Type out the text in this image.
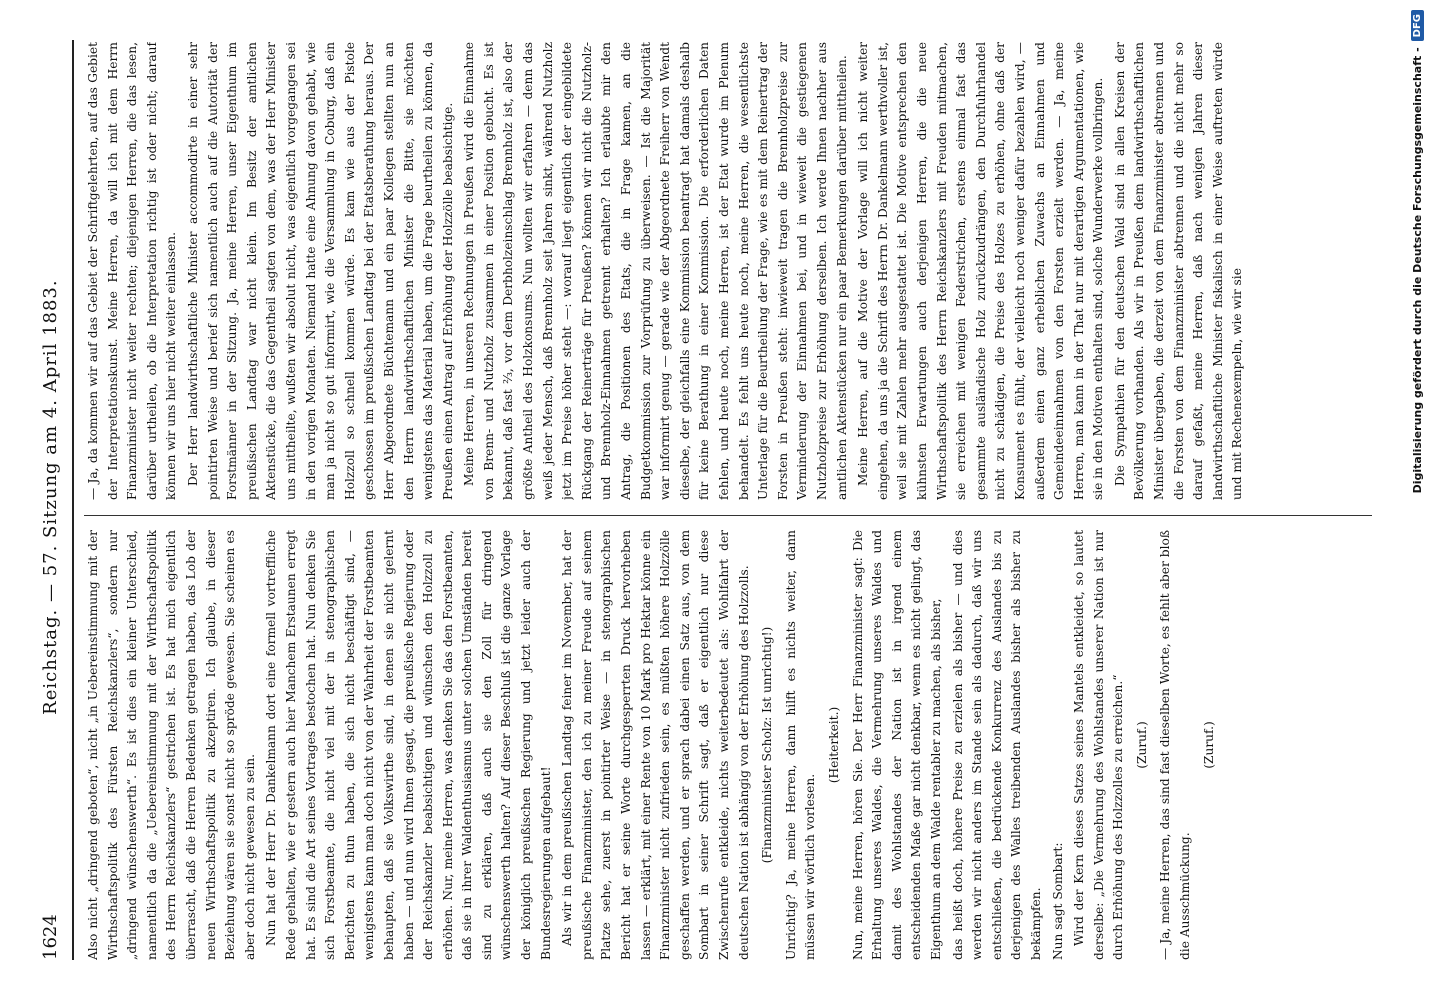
1624
Reichstag. — 57. Sitzung am 4. April 1883.

Also nicht „dringend geboten“, nicht „in Uebereinstimmung mit der Wirthschaftspolitik des Fürsten Reichskanzlers“, sondern nur „dringend wünschenswerth“. Es ist dies ein kleiner Unterschied, namentlich da die „Uebereinstimmung mit der Wirthschaftspolitik des Herrn Reichskanzlers“ gestrichen ist. Es hat mich eigentlich überrascht, daß die Herren Bedenken getragen haben, das Lob der neuen Wirthschaftspolitik zu akzeptiren. Ich glaube, in dieser Beziehung wären sie sonst nicht so spröde gewesen. Sie scheinen es aber doch nicht gewesen zu sein. Nun hat der Herr Dr. Dankelmann dort eine formell vortreffliche Rede gehalten, wie er gestern auch hier Manchem Erstaunen erregt hat. Es sind die Art seines Vortrages bestochen hat. Nun denken Sie sich Forstbeamte, die nicht viel mit der in stenographischen Berichten zu thun haben, die sich nicht beschäftigt sind, — wenigstens kann man doch nicht von der Wahrheit der Forstbeamten behaupten, daß sie Volkswirthe sind, in denen sie nicht gelernt haben — und nun wird Ihnen gesagt, die preußische Regierung oder der Reichskanzler beabsichtigen und wünschen den Holzzoll zu erhöhen. Nur, meine Herren, was denken Sie das den Forstbeamten, daß sie in ihrer Waldenthusiasmus unter solchen Umständen bereit sind zu erklären, daß auch sie den Zoll für dringend wünschenswerth halten? Auf dieser Beschluß ist die ganze Vorlage der königlich preußischen Regierung und jetzt leider auch der Bundesregierungen aufgebaut! Als wir in dem preußischen Landtag feiner im November, hat der preußische Finanzminister, den ich zu meiner Freude auf seinem Platze sehe, zuerst in pointirter Weise — in stenographischen Bericht hat er seine Worte durchgesperrten Druck hervorheben lassen — erklärt, mit einer Rente von 10 Mark pro Hektar könne ein Finanzminister nicht zufrieden sein, es müßten höhere Holzzölle geschaffen werden, und er sprach dabei einen Satz aus, von dem Sombart in seiner Schrift sagt, daß er eigentlich nur diese Zwischenrufe entkleide, nichts weiterbedeutet als: Wohlfahrt der deutschen Nation ist abhängig von der Erhöhung des Holzzolls. (Finanzminister Scholz: Ist unrichtig!) Unrichtig? Ja, meine Herren, dann hilft es nichts weiter, dann müssen wir wörtlich vorlesen.

(Heiterkeit.) Nun, meine Herren, hören Sie. Der Herr Finanzminister sagt: Die Erhaltung unseres Waldes, die Vermehrung unseres Waldes und damit des Wohlstandes der Nation ist in irgend einem entscheidenden Maße gar nicht denkbar, wenn es nicht gelingt, das Eigenthum an dem Walde rentabler zu machen, als bisher, das heißt doch, höhere Preise zu erzielen als bisher — und dies werden wir nicht anders im Stande sein als dadurch, daß wir uns entschließen, die bedrückende Konkurrenz des Auslandes bis zu derjenigen des Walles treibenden Auslandes bisher als bisher zu bekämpfen. Nun sagt Sombart: Wird der Kern dieses Satzes seines Mantels entkleidet, so lautet derselbe: „Die Vermehrung des Wohlstandes unserer Nation ist nur durch Erhöhung des Holzzolles zu erreichen.“ (Zuruf.) — Ja, meine Herren, das sind fast dieselben Worte, es fehlt aber bloß die Ausschmückung.

(Zuruf.)

— Ja, da kommen wir auf das Gebiet der Schriftgelehrten, auf das Gebiet der Interpretationskunst. Meine Herren, da will ich mit dem Herrn Finanzminister nicht weiter rechten; diejenigen Herren, die das lesen, darüber urtheilen, ob die Interpretation richtig ist oder nicht; darauf können wir uns hier nicht weiter einlassen. Der Herr landwirthschaftliche Minister accommodirte in einer sehr pointirten Weise und berief sich namentlich auch auf die Autorität der Forstmänner in der Sitzung. Ja, meine Herren, unser Eigenthum im preußischen Landtag war nicht klein. Im Besitz der amtlichen Aktenstücke, die das Gegentheil sagten von dem, was der Herr Minister uns mittheilte, wußten wir absolut nicht, was eigentlich vorgegangen sei in den vorigen Monaten. Niemand hatte eine Ahnung davon gehabt, wie man ja nicht so gut informirt, wie die Versammlung in Coburg, daß ein Holzzoll so schnell kommen würde. Es kam wie aus der Pistole geschossen im preußischen Landtag bei der Etatsberathung heraus. Der Herr Abgeordnete Büchtemann und ein paar Kollegen stellten nun an den Herrn landwirthschaftlichen Minister die Bitte, sie möchten wenigstens das Material haben, um die Frage beurtheilen zu können, da Preußen einen Antrag auf Erhöhung der Holzzölle beabsichtige. Meine Herren, in unseren Rechnungen in Preußen wird die Einnahme von Brenn- und Nutzholz zusammen in einer Position gebucht. Es ist bekannt, daß fast ⅔, vor dem Derbholzeinschlag Brennholz ist, also der größte Antheil des Holzkonsums. Nun wollten wir erfahren — denn das weiß jeder Mensch, daß Brennholz seit Jahren sinkt, während Nutzholz jetzt im Preise höher steht —: worauf liegt eigentlich der eingebildete Rückgang der Reinerträge für Preußen? können wir nicht die Nutzholz- und Brennholz-Einnahmen getrennt erhalten? Ich erlaubte mir den Antrag, die Positionen des Etats, die in Frage kamen, an die Budgetkommission zur Vorprüfung zu überweisen. — Ist die Majorität war informirt genug — gerade wie der Abgeordnete Freiherr von Wendt dieselbe, der gleichfalls eine Kommission beantragt hat damals deshalb für keine Berathung in einer Kommission. Die erforderlichen Daten fehlen, und heute noch, meine Herren, ist der Etat wurde im Plenum behandelt. Es fehlt uns heute noch, meine Herren, die wesentlichste Unterlage für die Beurtheilung der Frage, wie es mit dem Reinertrag der Forsten in Preußen steht: inwieweit tragen die Brennholzpreise zur Verminderung der Einnahmen bei, und in wieweit die gestiegenen Nutzholzpreise zur Erhöhung derselben. Ich werde Ihnen nachher aus amtlichen Aktenstücken nur ein paar Bemerkungen darüber mittheilen. Meine Herren, auf die Motive der Vorlage will ich nicht weiter eingehen, da uns ja die Schrift des Herrn Dr. Dankelmann werthvoller ist, weil sie mit Zahlen mehr ausgestattet ist. Die Motive entsprechen den kühnsten Erwartungen auch derjenigen Herren, die die neue Wirthschaftspolitik des Herrn Reichskanzlers mit Freuden mitmachen, sie erreichen mit wenigen Federstrichen, erstens einmal fast das gesammte ausländische Holz zurückzudrängen, den Durchfuhrhandel nicht zu schädigen, die Preise des Holzes zu erhöhen, ohne daß der Konsument es fühlt, der vielleicht noch weniger dafür bezahlen wird, — außerdem einen ganz erheblichen Zuwachs an Einnahmen und Gemeindeeinnahmen von den Forsten erzielt werden. — Ja, meine Herren, man kann in der That nur mit derartigen Argumentationen, wie sie in den Motiven enthalten sind, solche Wunderwerke vollbringen. Die Sympathien für den deutschen Wald sind in allen Kreisen der Bevölkerung vorhanden. Als wir in Preußen dem landwirthschaftlichen Minister übergaben, die derzeit von dem Finanzminister abtrennen und die Forsten von dem Finanzminister abtrennen und die nicht mehr so darauf gefaßt, meine Herren, daß nach wenigen Jahren dieser landwirthschaftliche Minister fiskalisch in einer Weise auftreten würde und mit Rechenexempeln, wie wir sie	Digitalisierung gefördert durch die Deutsche Forschungsgemeinschaft -
DFG
